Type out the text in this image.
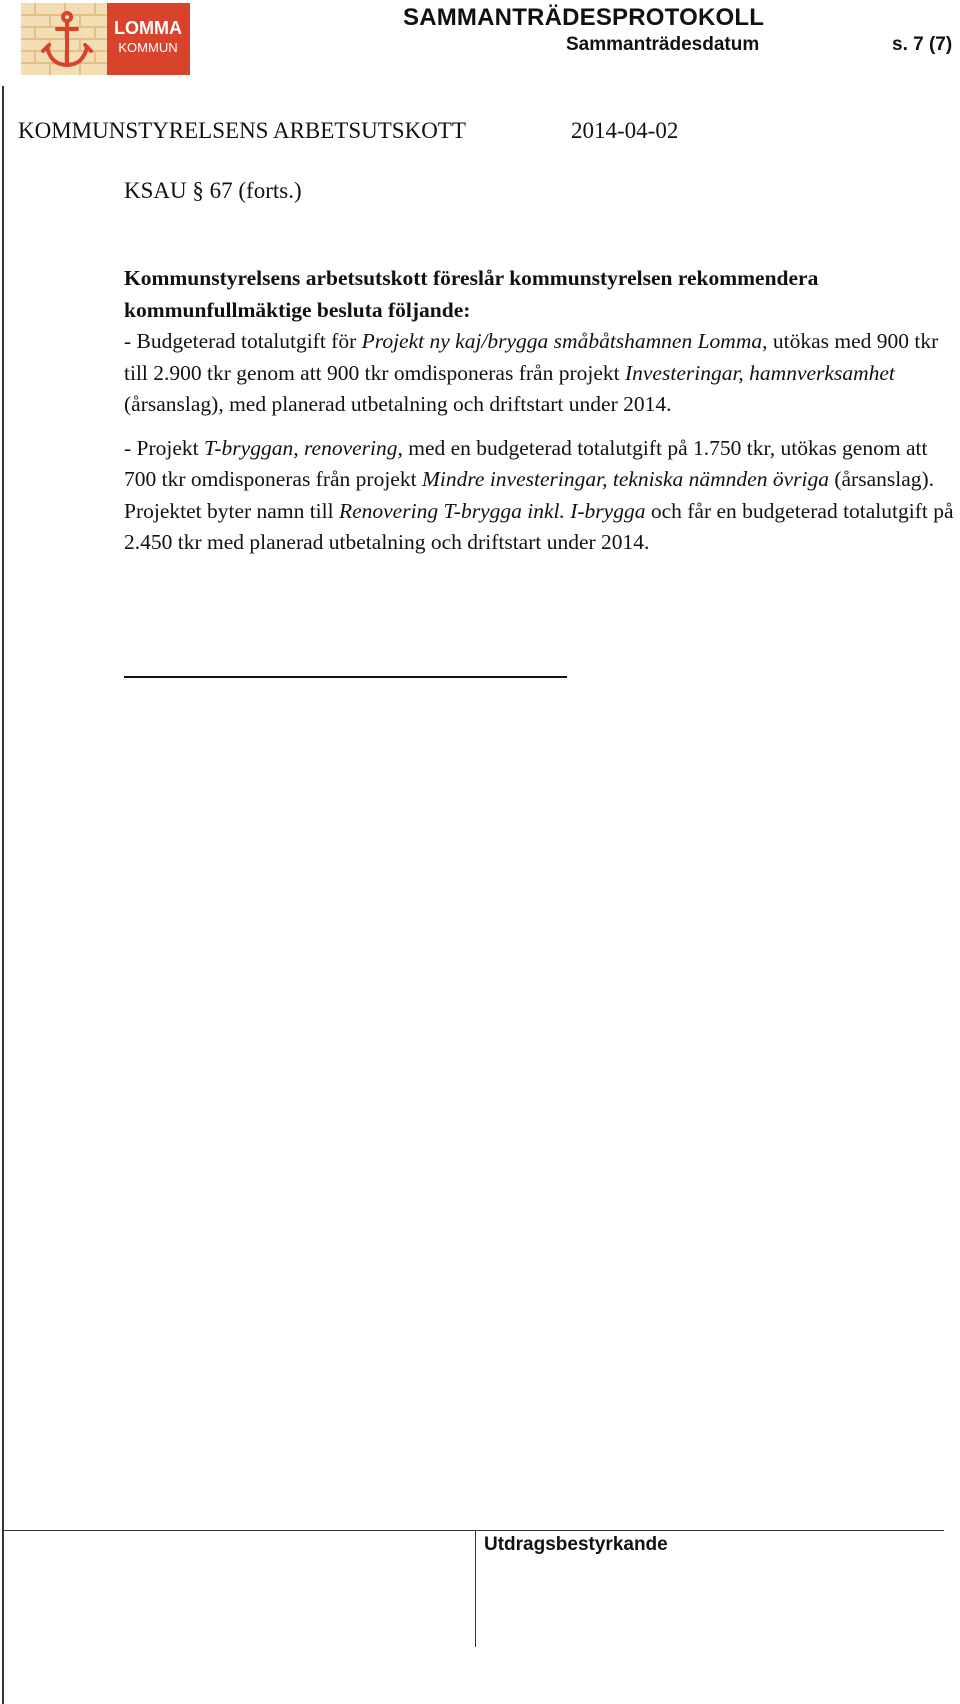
LOMMA
KOMMUN
SAMMANTRÄDESPROTOKOLL
Sammanträdesdatum	s. 7 (7)
KOMMUNSTYRELSENS ARBETSUTSKOTT	2014-04-02
KSAU § 67 (forts.)

Kommunstyrelsens arbetsutskott föreslår kommunstyrelsen rekommendera kommunfullmäktige besluta följande:
- Budgeterad totalutgift för Projekt ny kaj/brygga småbåtshamnen Lomma, utökas med 900 tkr till 2.900 tkr genom att 900 tkr omdisponeras från projekt Investeringar, hamnverksamhet (årsanslag), med planerad utbetalning och driftstart under 2014.

- Projekt T-bryggan, renovering, med en budgeterad totalutgift på 1.750 tkr, utökas genom att 700 tkr omdisponeras från projekt Mindre investeringar, tekniska nämnden övriga (årsanslag). Projektet byter namn till Renovering T-brygga inkl. I-brygga och får en budgeterad totalutgift på 2.450 tkr med planerad utbetalning och driftstart under 2014.

Utdragsbestyrkande
